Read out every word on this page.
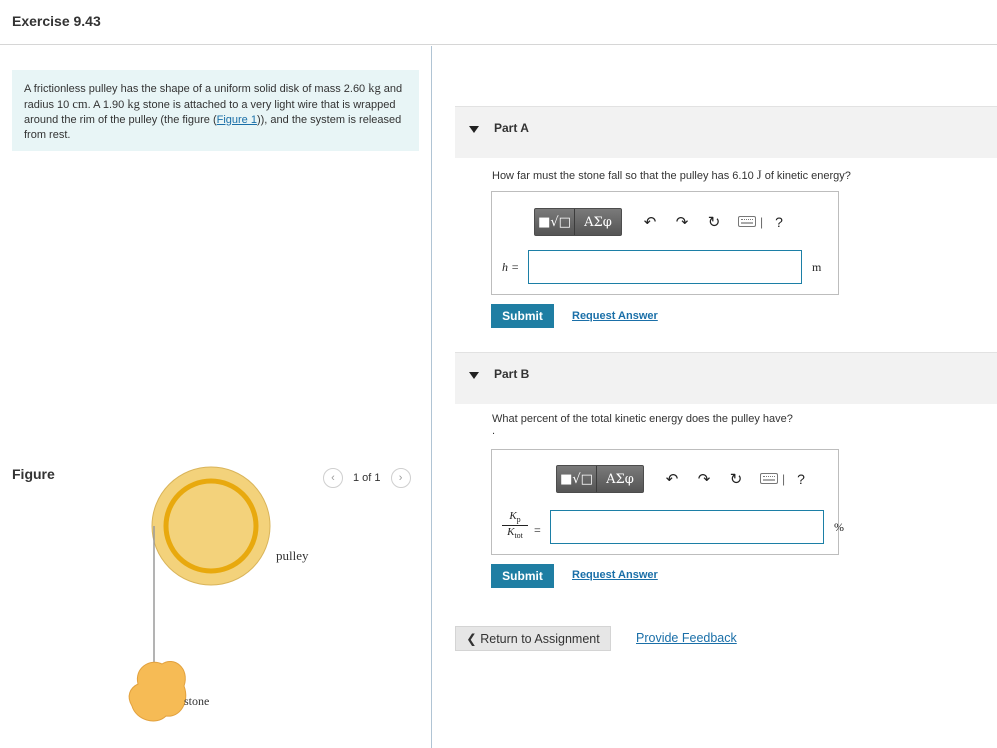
Exercise 9.43
A frictionless pulley has the shape of a uniform solid disk of mass 2.60 kg and radius 10 cm. A 1.90 kg stone is attached to a very light wire that is wrapped around the rim of the pulley (the figure (Figure 1)), and the system is released from rest.
Figure	‹ 1 of 1 ›
pulley
stone
Part A
How far must the stone fall so that the pulley has 6.10 J of kinetic energy?
■√□	ΑΣφ	↶	↷	↻	| ?
h =	m
Submit	Request Answer
Part B
What percent of the total kinetic energy does the pulley have?
.
■√□	ΑΣφ	↶	↷	↻	| ?
$K_p$
$K_{tot}$ =	%
Submit	Request Answer
❮ Return to Assignment	Provide Feedback
